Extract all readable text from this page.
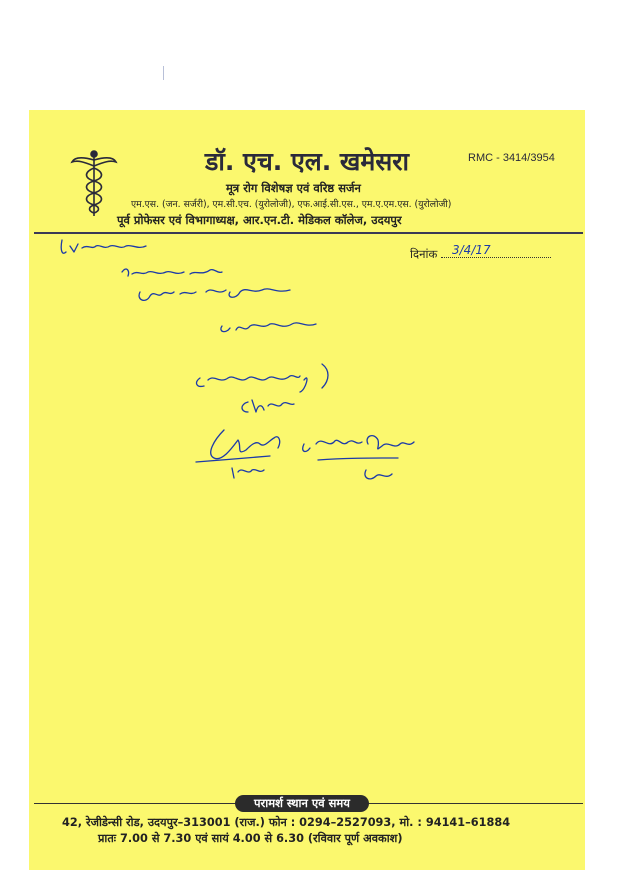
डॉ. एच. एल. खमेसरा	RMC - 3414/3954
मूत्र रोग विशेषज्ञ एवं वरिष्ठ सर्जन
एम.एस. (जन. सर्जरी), एम.सी.एच. (युरोलोजी), एफ.आई.सी.एस., एम.ए.एम.एस. (युरोलोजी)
पूर्व प्रोफेसर एवं विभागाध्यक्ष, आर.एन.टी. मेडिकल कॉलेज, उदयपुर
दिनांक 3/4/17
परामर्श स्थान एवं समय
42, रेजीडेन्सी रोड, उदयपुर–313001 (राज.) फोन : 0294–2527093, मो. : 94141–61884
प्रातः 7.00 से 7.30 एवं सायं 4.00 से 6.30 (रविवार पूर्ण अवकाश)
